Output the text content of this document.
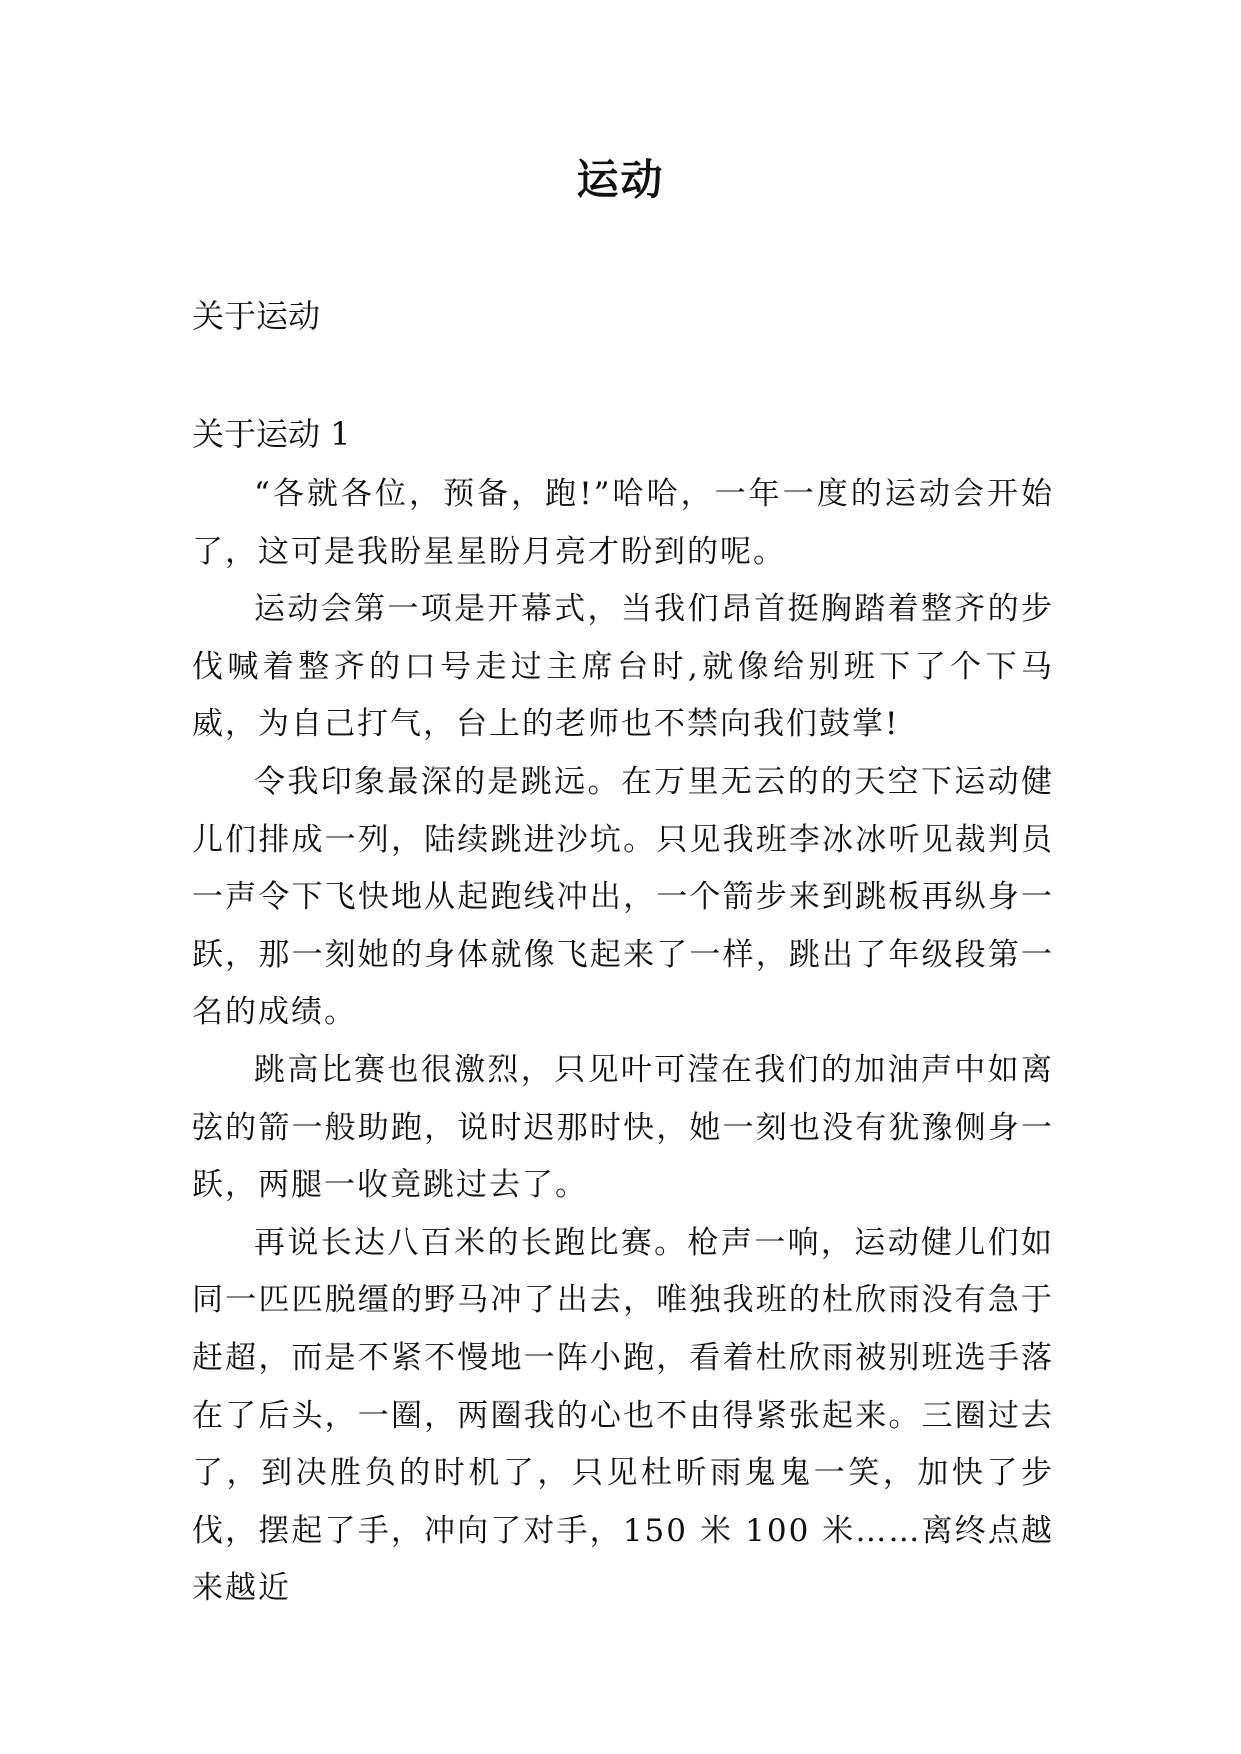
运动
关于运动
关于运动 1

“各就各位，预备，跑!”哈哈，一年一度的运动会开始了，这可是我盼星星盼月亮才盼到的呢。

运动会第一项是开幕式，当我们昂首挺胸踏着整齐的步伐喊着整齐的口号走过主席台时,就像给别班下了个下马威，为自己打气，台上的老师也不禁向我们鼓掌!

令我印象最深的是跳远。在万里无云的的天空下运动健儿们排成一列，陆续跳进沙坑。只见我班李冰冰听见裁判员一声令下飞快地从起跑线冲出，一个箭步来到跳板再纵身一跃，那一刻她的身体就像飞起来了一样，跳出了年级段第一名的成绩。

跳高比赛也很激烈，只见叶可滢在我们的加油声中如离弦的箭一般助跑，说时迟那时快，她一刻也没有犹豫侧身一跃，两腿一收竟跳过去了。

再说长达八百米的长跑比赛。枪声一响，运动健儿们如同一匹匹脱缰的野马冲了出去，唯独我班的杜欣雨没有急于赶超，而是不紧不慢地一阵小跑，看着杜欣雨被别班选手落在了后头，一圈，两圈我的心也不由得紧张起来。三圈过去了，到决胜负的时机了，只见杜昕雨鬼鬼一笑，加快了步伐，摆起了手，冲向了对手，150 米 100 米……离终点越来越近
